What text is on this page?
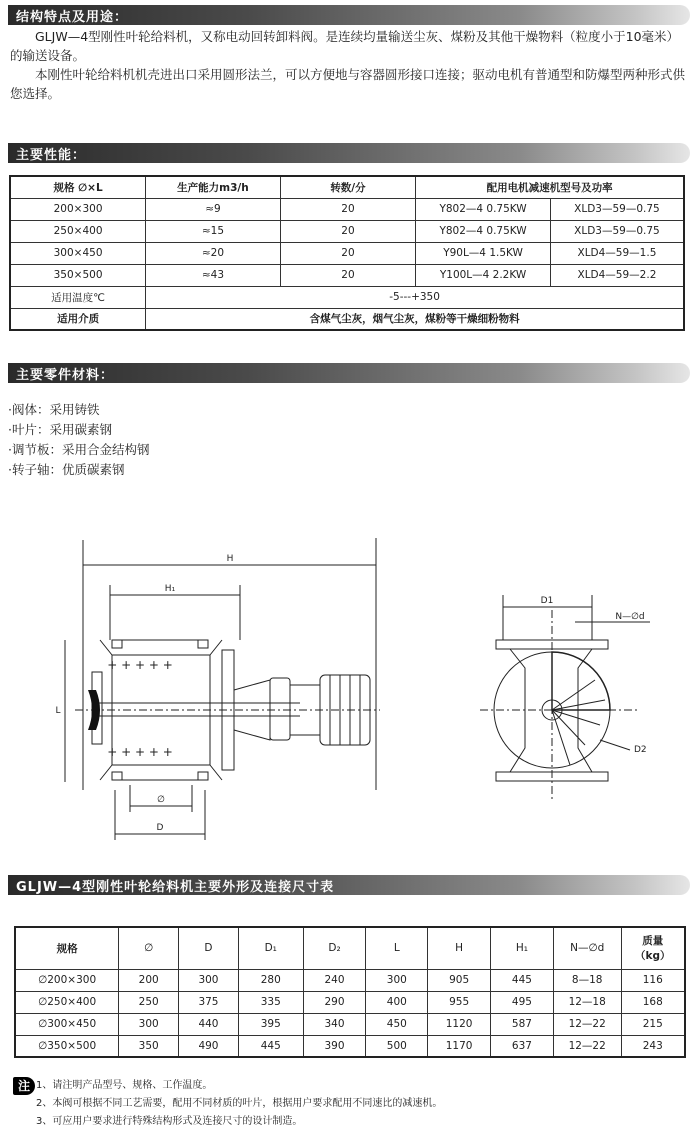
结构特点及用途：

GLJW—4型刚性叶轮给料机，又称电动回转卸料阀。是连续均量输送尘灰、煤粉及其他干燥物料（粒度小于10毫米）的输送设备。

本刚性叶轮给料机机壳进出口采用圆形法兰，可以方便地与容器圆形接口连接；驱动电机有普通型和防爆型两种形式供您选择。

主要性能：
规格 ∅×L	生产能力m3/h	转数/分	配用电机减速机型号及功率	
200×300	≈9	20	Y802—4 0.75KW	XLD3—59—0.75
250×400	≈15	20	Y802—4 0.75KW	XLD3—59—0.75
300×450	≈20	20	Y90L—4 1.5KW	XLD4—59—1.5
350×500	≈43	20	Y100L—4 2.2KW	XLD4—59—2.2
适用温度℃	-5---+350			
适用介质	含煤气尘灰，烟气尘灰，煤粉等干燥细粉物料			
主要零件材料：
·阀体：采用铸铁
·叶片：采用碳素钢
·调节板：采用合金结构钢
·转子轴：优质碳素钢
+ + + + +
+ + + + +
H
H₁
L
∅
D
D1
N—∅d
D2
GLJW—4型刚性叶轮给料机主要外形及连接尺寸表
规格	∅	D	D₁	D₂	L	H	H₁	N—∅d	质量
（kg）
∅200×300	200	300	280	240	300	905	445	8—18	116
∅250×400	250	375	335	290	400	955	495	12—18	168
∅300×450	300	440	395	340	450	1120	587	12—22	215
∅350×500	350	490	445	390	500	1170	637	12—22	243
注 1、请注明产品型号、规格、工作温度。
2、本阀可根据不同工艺需要，配用不同材质的叶片，根据用户要求配用不同速比的减速机。
3、可应用户要求进行特殊结构形式及连接尺寸的设计制造。
